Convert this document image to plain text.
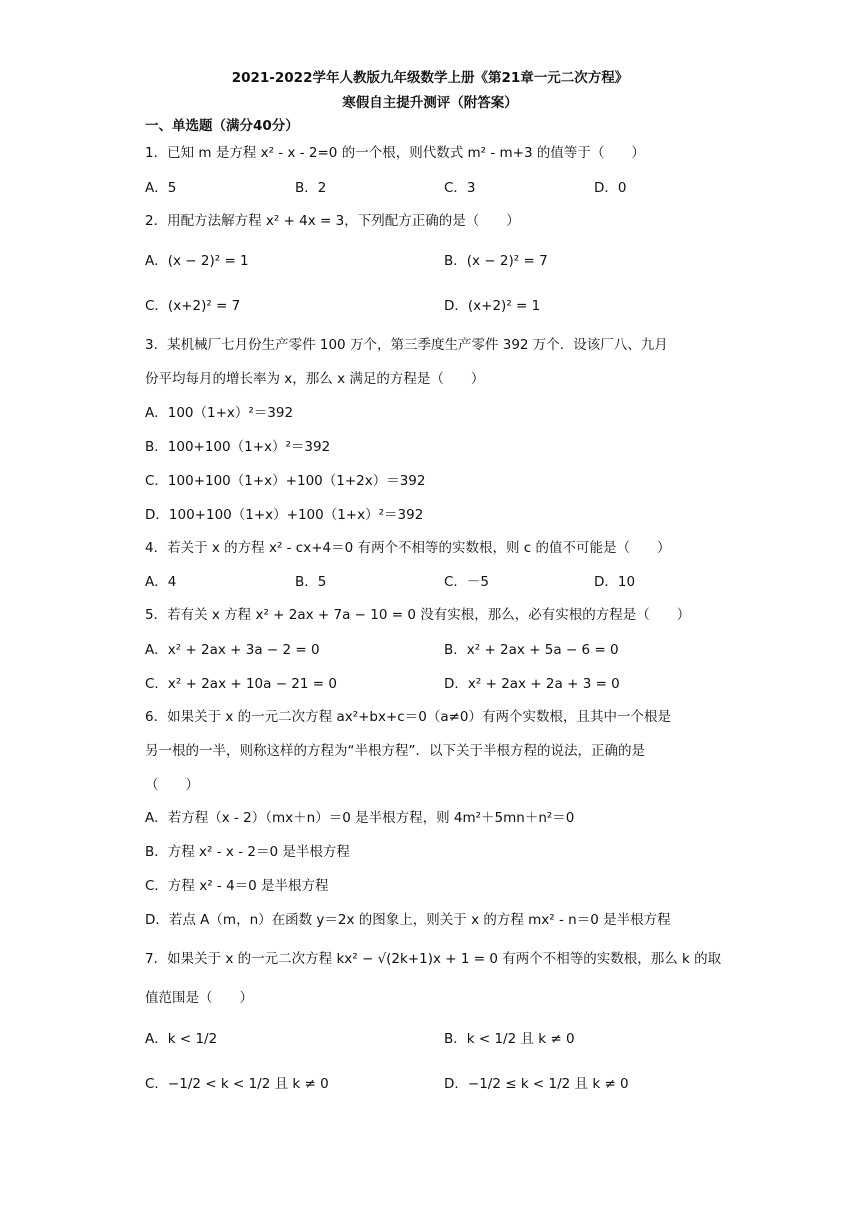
2021-2022学年人教版九年级数学上册《第21章一元二次方程》
寒假自主提升测评（附答案）
一、单选题（满分40分）
1．已知 m 是方程 x² - x - 2=0 的一个根，则代数式 m² - m+3 的值等于（　　）
A．5	B．2	C．3	D．0
2．用配方法解方程 x² + 4x = 3，下列配方正确的是（　　）
A．(x − 2)² = 1	B．(x − 2)² = 7
C．(x+2)² = 7	D．(x+2)² = 1
3．某机械厂七月份生产零件 100 万个，第三季度生产零件 392 万个．设该厂八、九月
份平均每月的增长率为 x，那么 x 满足的方程是（　　）
A．100（1+x）²＝392
B．100+100（1+x）²＝392
C．100+100（1+x）+100（1+2x）＝392
D．100+100（1+x）+100（1+x）²＝392
4．若关于 x 的方程 x² - cx+4＝0 有两个不相等的实数根，则 c 的值不可能是（　　）
A．4	B．5	C．－5	D．10
5．若有关 x 方程 x² + 2ax + 7a − 10 = 0 没有实根，那么，必有实根的方程是（　　）
A．x² + 2ax + 3a − 2 = 0	B．x² + 2ax + 5a − 6 = 0
C．x² + 2ax + 10a − 21 = 0	D．x² + 2ax + 2a + 3 = 0
6．如果关于 x 的一元二次方程 ax²+bx+c＝0（a≠0）有两个实数根，且其中一个根是
另一根的一半，则称这样的方程为“半根方程”．以下关于半根方程的说法，正确的是
（　　）
A．若方程（x - 2）（mx＋n）＝0 是半根方程，则 4m²＋5mn＋n²＝0
B．方程 x² - x - 2＝0 是半根方程
C．方程 x² - 4＝0 是半根方程
D．若点 A（m，n）在函数 y＝2x 的图象上，则关于 x 的方程 mx² - n＝0 是半根方程
7．如果关于 x 的一元二次方程 kx² − √(2k+1)x + 1 = 0 有两个不相等的实数根，那么 k 的取
值范围是（　　）
A．k < 1/2	B．k < 1/2 且 k ≠ 0
C．−1/2 < k < 1/2 且 k ≠ 0	D．−1/2 ≤ k < 1/2 且 k ≠ 0
